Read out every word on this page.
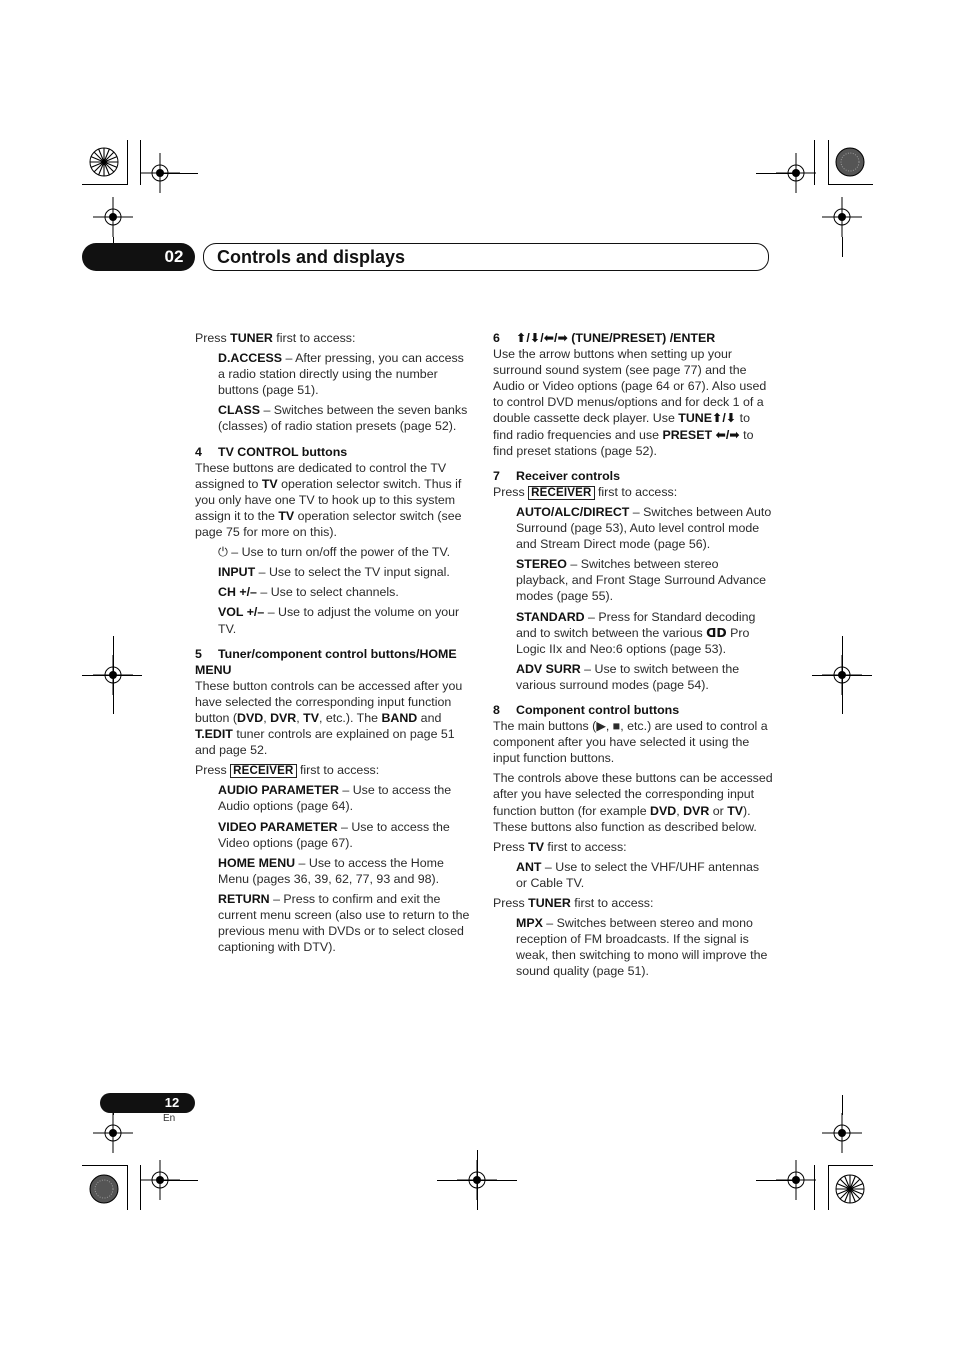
02	Controls and displays

Press TUNER first to access:

D.ACCESS – After pressing, you can access a radio station directly using the number buttons (page 51).

CLASS – Switches between the seven banks (classes) of radio station presets (page 52).

4 TV CONTROL buttons

These buttons are dedicated to control the TV assigned to TV operation selector switch. Thus if you only have one TV to hook up to this system assign it to the TV operation selector switch (see page 75 for more on this).

⏻ – Use to turn on/off the power of the TV.

INPUT – Use to select the TV input signal.

CH +/– – Use to select channels.

VOL +/– – Use to adjust the volume on your TV.

5 Tuner/component control buttons/HOME MENU

These button controls can be accessed after you have selected the corresponding input function button (DVD, DVR, TV, etc.). The BAND and T.EDIT tuner controls are explained on page 51 and page 52.

Press RECEIVER first to access:

AUDIO PARAMETER – Use to access the Audio options (page 64).

VIDEO PARAMETER – Use to access the Video options (page 67).

HOME MENU – Use to access the Home Menu (pages 36, 39, 62, 77, 93 and 98).

RETURN – Press to confirm and exit the current menu screen (also use to return to the previous menu with DVDs or to select closed captioning with DTV).

6 ⬆/⬇/⬅/➡ (TUNE/PRESET) /ENTER

Use the arrow buttons when setting up your surround sound system (see page 77) and the Audio or Video options (page 64 or 67). Also used to control DVD menus/options and for deck 1 of a double cassette deck player. Use TUNE⬆/⬇ to find radio frequencies and use PRESET ⬅/➡ to find preset stations (page 52).

7 Receiver controls

Press RECEIVER first to access:

AUTO/ALC/DIRECT – Switches between Auto Surround (page 53), Auto level control mode and Stream Direct mode (page 56).

STEREO – Switches between stereo playback, and Front Stage Surround Advance modes (page 55).

STANDARD – Press for Standard decoding and to switch between the various ᗡᗞ Pro Logic IIx and Neo:6 options (page 53).

ADV SURR – Use to switch between the various surround modes (page 54).

8 Component control buttons

The main buttons (▶, ■, etc.) are used to control a component after you have selected it using the input function buttons.

The controls above these buttons can be accessed after you have selected the corresponding input function button (for example DVD, DVR or TV). These buttons also function as described below.

Press TV first to access:

ANT – Use to select the VHF/UHF antennas or Cable TV.

Press TUNER first to access:

MPX – Switches between stereo and mono reception of FM broadcasts. If the signal is weak, then switching to mono will improve the sound quality (page 51).

12
En
